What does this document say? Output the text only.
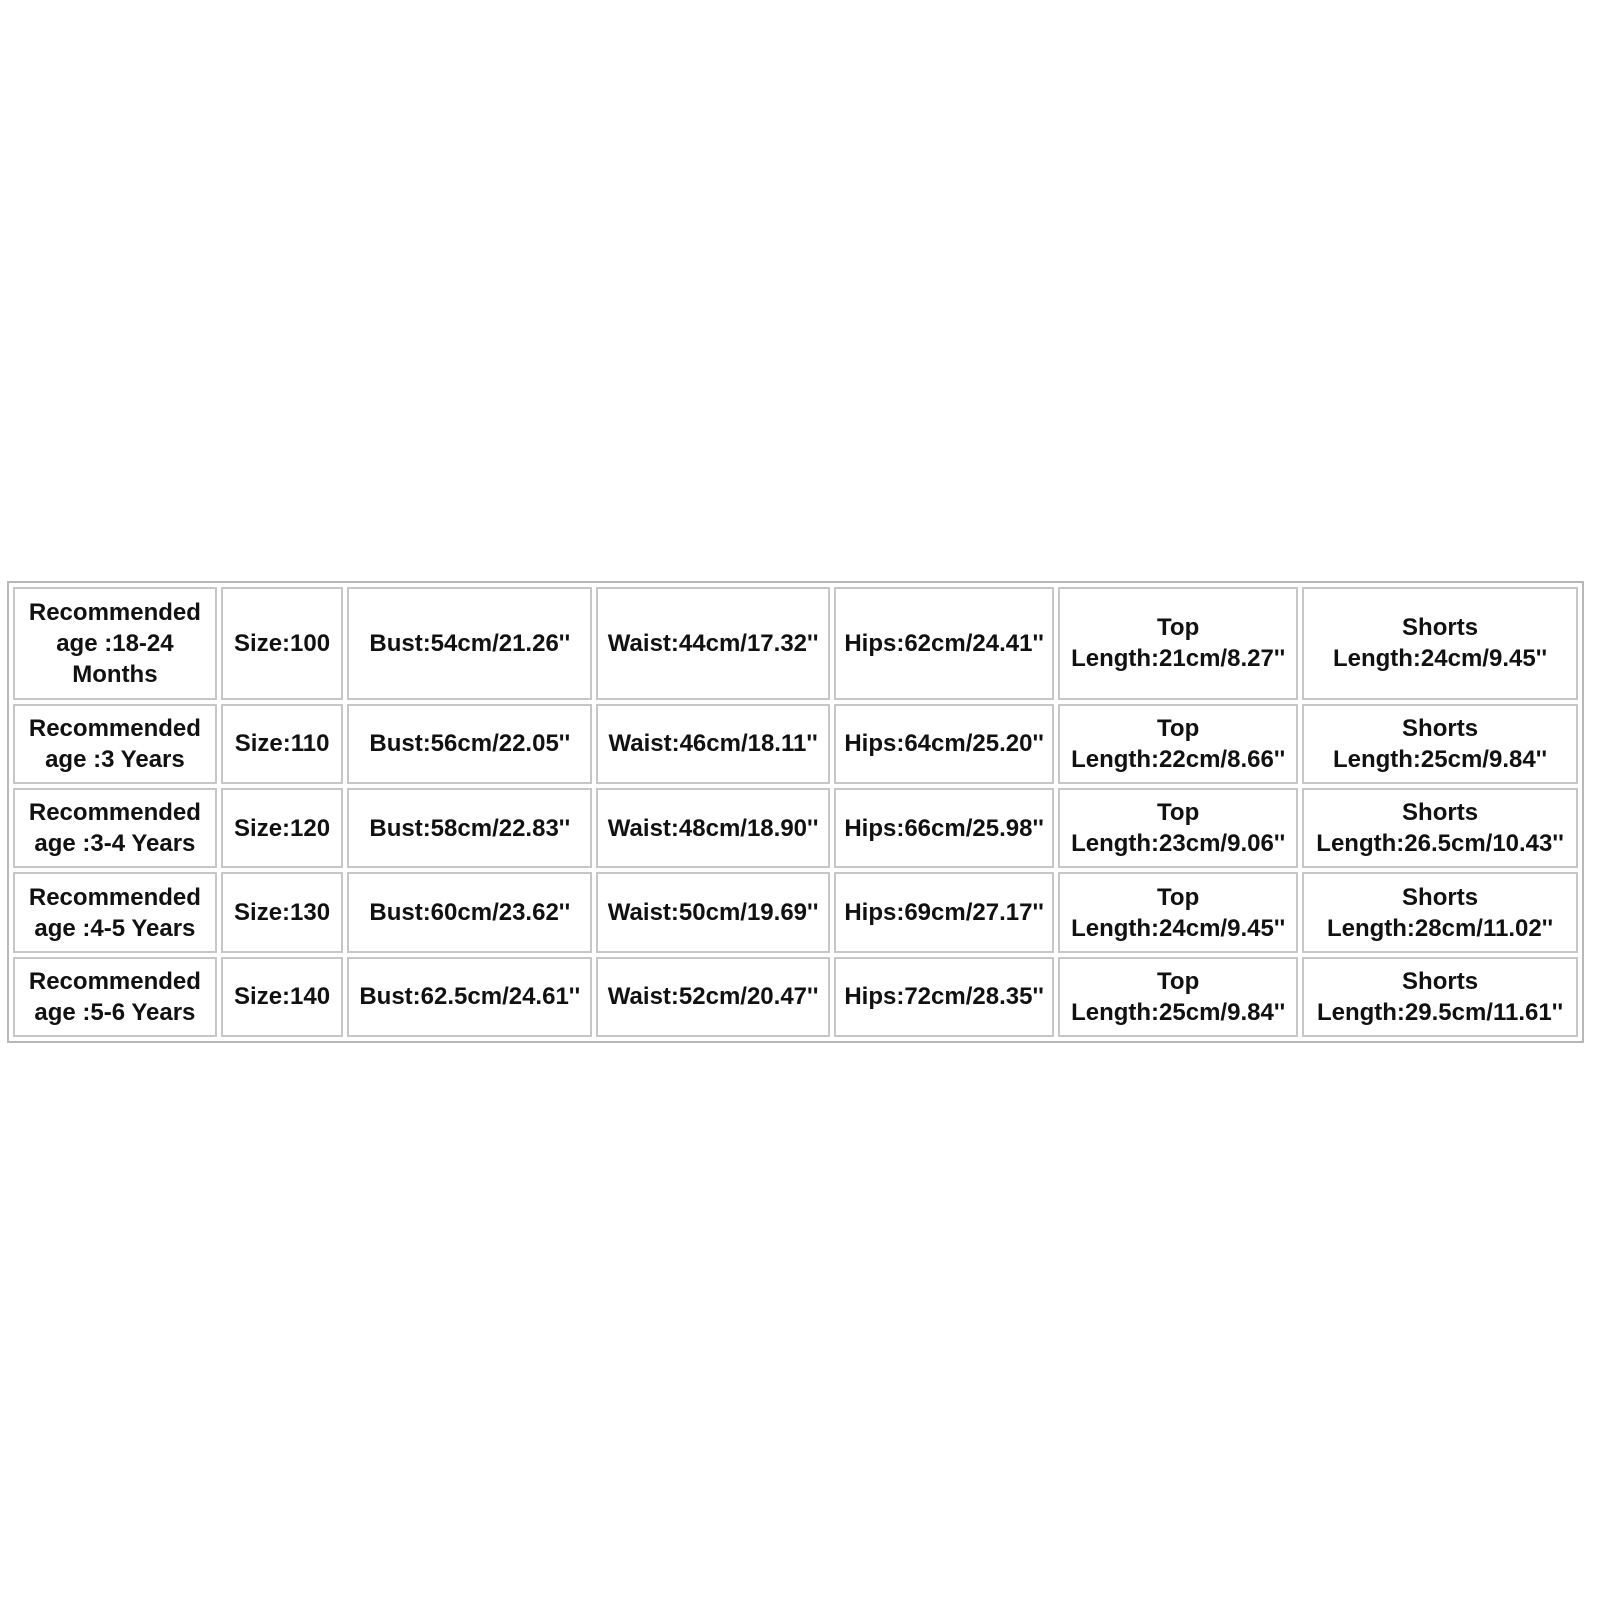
Recommended
age :18-24
Months	Size:100	Bust:54cm/21.26''	Waist:44cm/17.32''	Hips:62cm/24.41''	Top
Length:21cm/8.27''	Shorts
Length:24cm/9.45''

Recommended
age :3 Years	Size:110	Bust:56cm/22.05''	Waist:46cm/18.11''	Hips:64cm/25.20''	Top
Length:22cm/8.66''	Shorts
Length:25cm/9.84''

Recommended
age :3-4 Years	Size:120	Bust:58cm/22.83''	Waist:48cm/18.90''	Hips:66cm/25.98''	Top
Length:23cm/9.06''	Shorts
Length:26.5cm/10.43''

Recommended
age :4-5 Years	Size:130	Bust:60cm/23.62''	Waist:50cm/19.69''	Hips:69cm/27.17''	Top
Length:24cm/9.45''	Shorts
Length:28cm/11.02''

Recommended
age :5-6 Years	Size:140	Bust:62.5cm/24.61''	Waist:52cm/20.47''	Hips:72cm/28.35''	Top
Length:25cm/9.84''	Shorts
Length:29.5cm/11.61''
